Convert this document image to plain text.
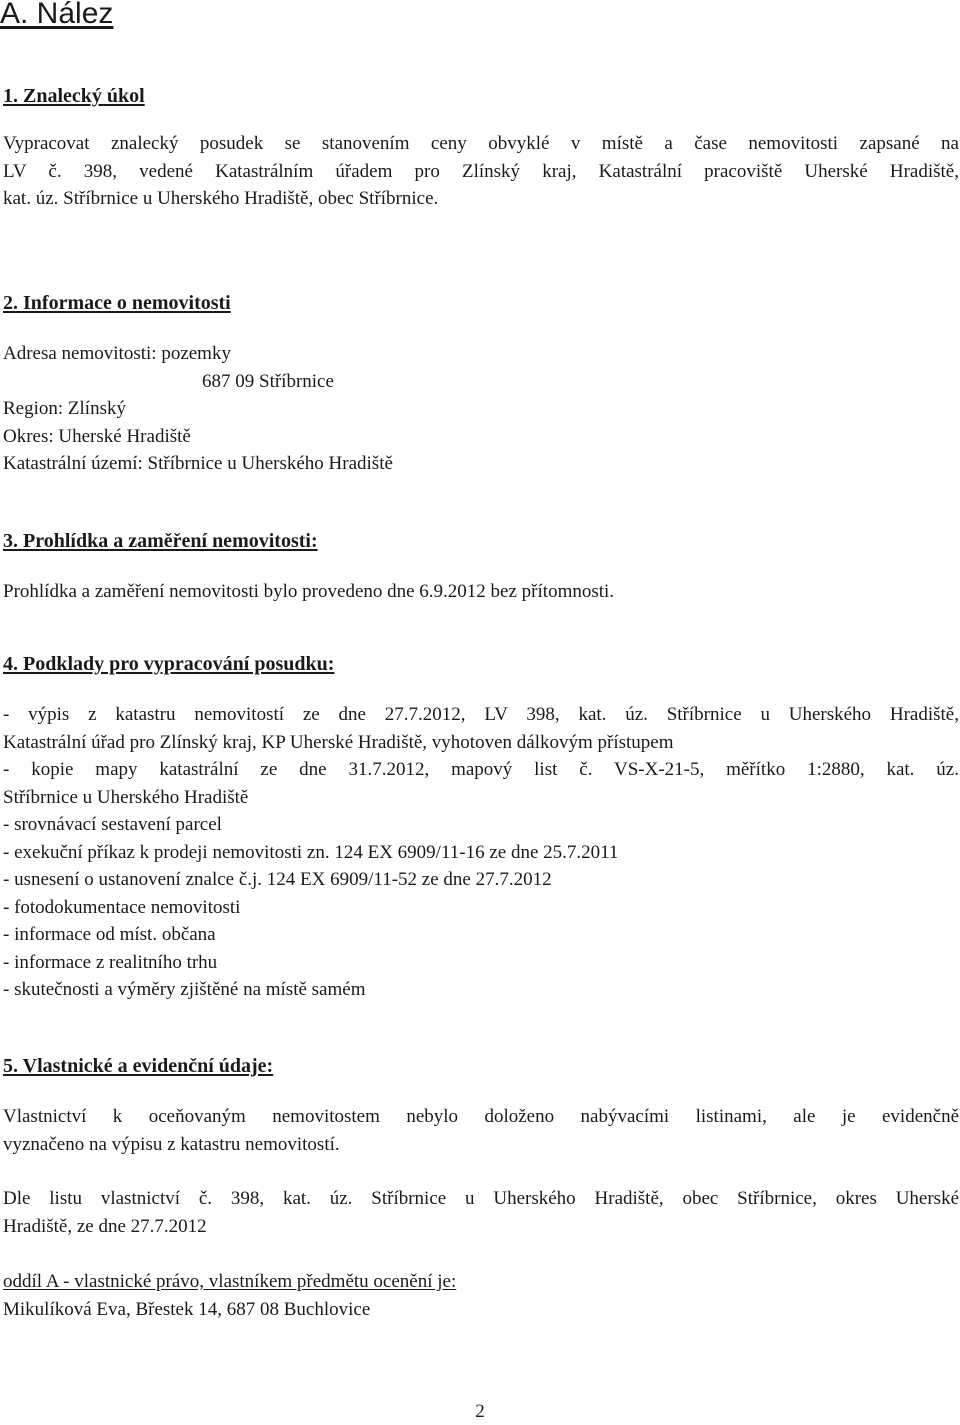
A. Nález
1. Znalecký úkol
Vypracovat znalecký posudek se stanovením ceny obvyklé v místě a čase nemovitosti zapsané na
LV č. 398, vedené Katastrálním úřadem pro Zlínský kraj, Katastrální pracoviště Uherské Hradiště,
kat. úz. Stříbrnice u Uherského Hradiště, obec Stříbrnice.
2. Informace o nemovitosti
Adresa nemovitosti: pozemky
687 09 Stříbrnice
Region: Zlínský
Okres: Uherské Hradiště
Katastrální území: Stříbrnice u Uherského Hradiště
3. Prohlídka a zaměření nemovitosti:
Prohlídka a zaměření nemovitosti bylo provedeno dne 6.9.2012 bez přítomnosti.
4. Podklady pro vypracování posudku:
- výpis z katastru nemovitostí ze dne 27.7.2012, LV 398, kat. úz. Stříbrnice u Uherského Hradiště,
Katastrální úřad pro Zlínský kraj, KP Uherské Hradiště, vyhotoven dálkovým přístupem
- kopie mapy katastrální ze dne 31.7.2012, mapový list č. VS-X-21-5, měřítko 1:2880, kat. úz.
Stříbrnice u Uherského Hradiště
- srovnávací sestavení parcel
- exekuční příkaz k prodeji nemovitosti zn. 124 EX 6909/11-16 ze dne 25.7.2011
- usnesení o ustanovení znalce č.j. 124 EX 6909/11-52 ze dne 27.7.2012
- fotodokumentace nemovitosti
- informace od míst. občana
- informace z realitního trhu
- skutečnosti a výměry zjištěné na místě samém
5. Vlastnické a evidenční údaje:
Vlastnictví k oceňovaným nemovitostem nebylo doloženo nabývacími listinami, ale je evidenčně
vyznačeno na výpisu z katastru nemovitostí.
Dle listu vlastnictví č. 398, kat. úz. Stříbrnice u Uherského Hradiště, obec Stříbrnice, okres Uherské
Hradiště, ze dne 27.7.2012
oddíl A - vlastnické právo, vlastníkem předmětu ocenění je:
Mikulíková Eva, Břestek 14, 687 08 Buchlovice
2
